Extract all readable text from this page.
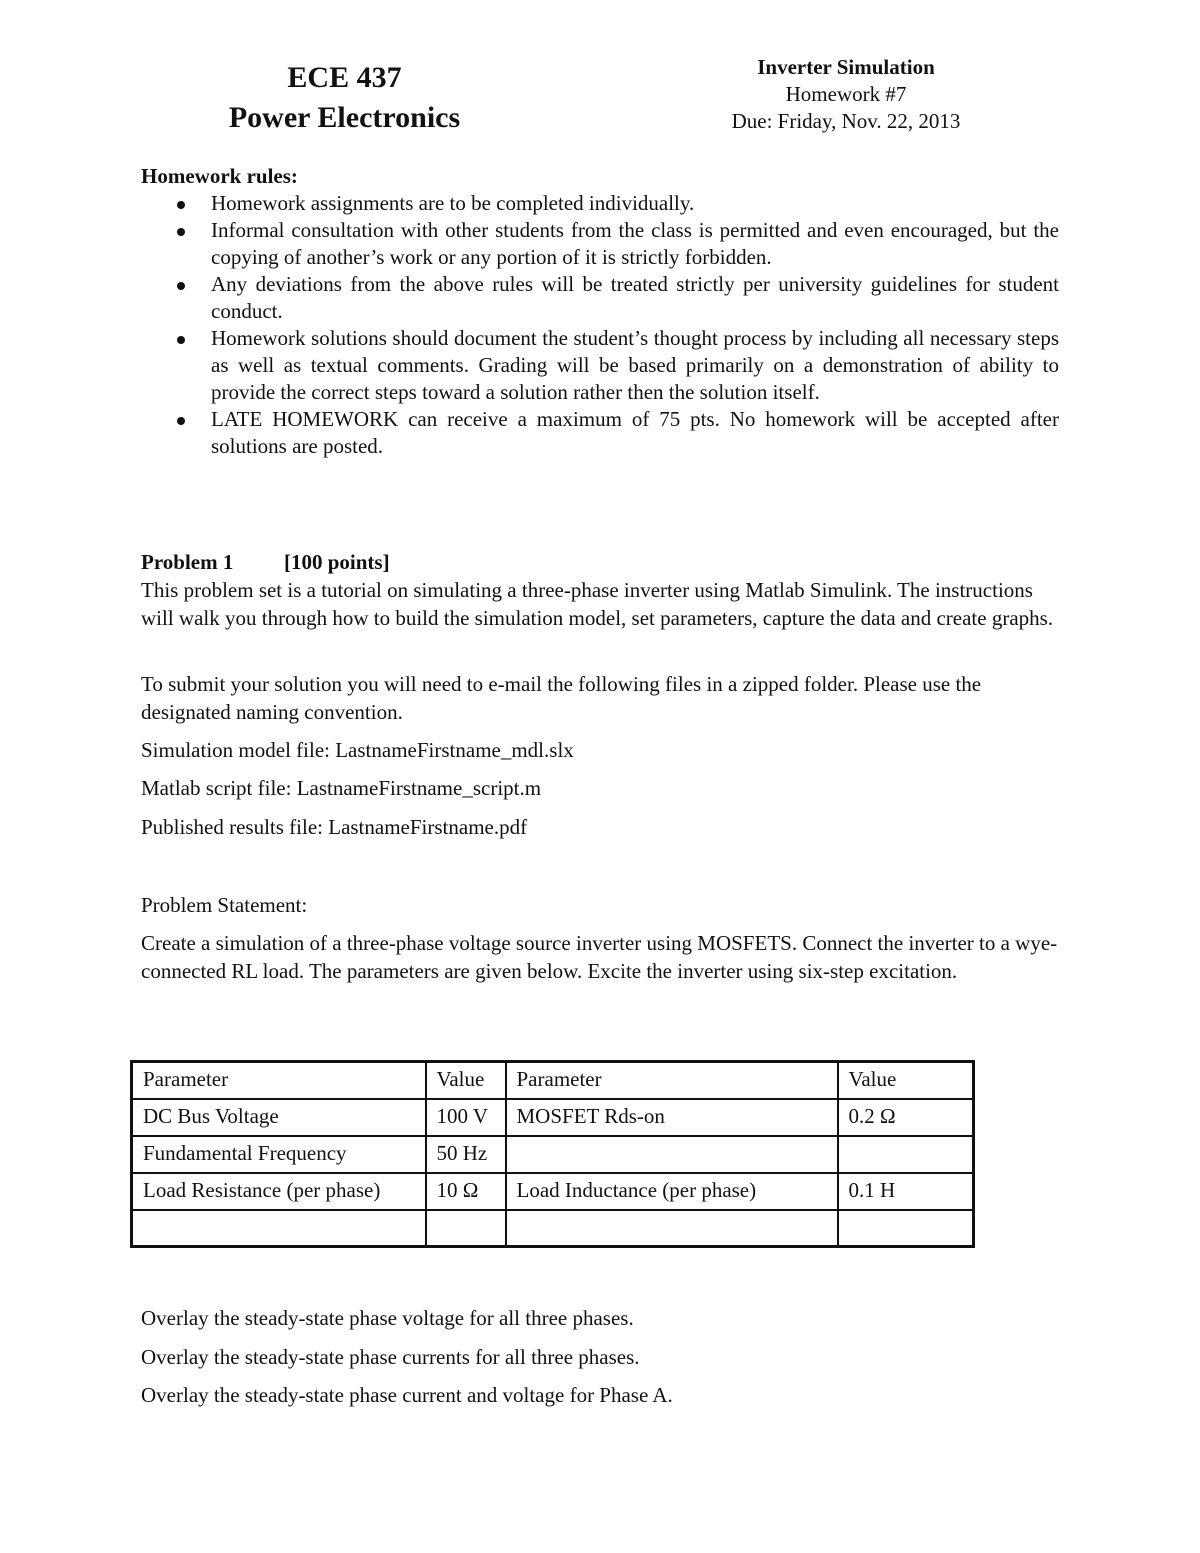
ECE 437
Power Electronics
Inverter Simulation
Homework #7
Due: Friday, Nov. 22, 2013
Homework rules:
Homework assignments are to be completed individually.
Informal consultation with other students from the class is permitted and even encouraged, but the copying of another’s work or any portion of it is strictly forbidden.
Any deviations from the above rules will be treated strictly per university guidelines for student conduct.
Homework solutions should document the student’s thought process by including all necessary steps as well as textual comments. Grading will be based primarily on a demonstration of ability to provide the correct steps toward a solution rather then the solution itself.
LATE HOMEWORK can receive a maximum of 75 pts. No homework will be accepted after solutions are posted.
Problem 1 [100 points]
This problem set is a tutorial on simulating a three-phase inverter using Matlab Simulink. The instructions will walk you through how to build the simulation model, set parameters, capture the data and create graphs.
To submit your solution you will need to e-mail the following files in a zipped folder. Please use the designated naming convention.
Simulation model file: LastnameFirstname_mdl.slx
Matlab script file: LastnameFirstname_script.m
Published results file: LastnameFirstname.pdf
Problem Statement:
Create a simulation of a three-phase voltage source inverter using MOSFETS. Connect the inverter to a wye-connected RL load. The parameters are given below. Excite the inverter using six-step excitation.
Parameter	Value	Parameter	Value
DC Bus Voltage	100 V	MOSFET Rds-on	0.2 Ω
Fundamental Frequency	50 Hz		
Load Resistance (per phase)	10 Ω	Load Inductance (per phase)	0.1 H

Overlay the steady-state phase voltage for all three phases.
Overlay the steady-state phase currents for all three phases.
Overlay the steady-state phase current and voltage for Phase A.
